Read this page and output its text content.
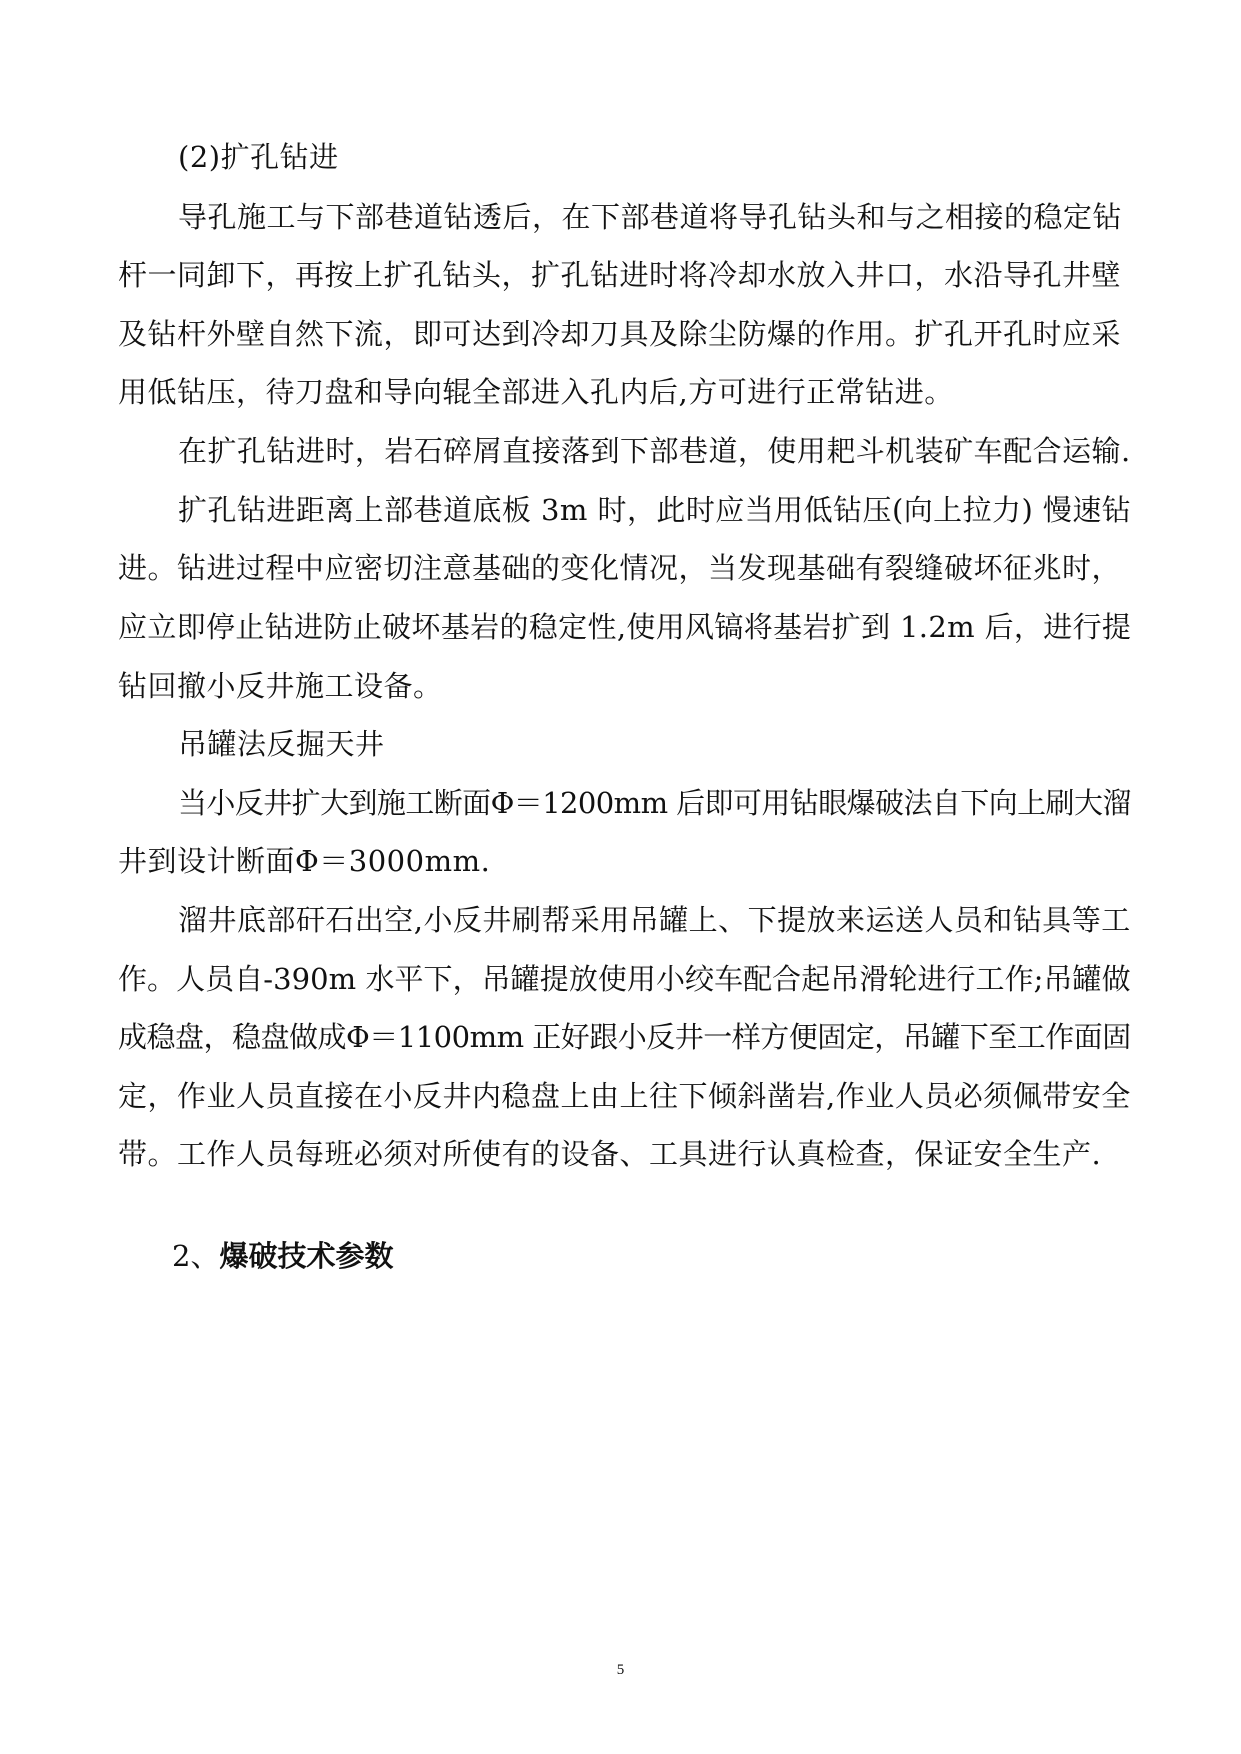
(2)扩孔钻进
导孔施工与下部巷道钻透后，在下部巷道将导孔钻头和与之相接的稳定钻
杆一同卸下，再按上扩孔钻头，扩孔钻进时将冷却水放入井口，水沿导孔井壁
及钻杆外壁自然下流，即可达到冷却刀具及除尘防爆的作用。扩孔开孔时应采
用低钻压，待刀盘和导向辊全部进入孔内后,方可进行正常钻进。
在扩孔钻进时，岩石碎屑直接落到下部巷道，使用耙斗机装矿车配合运输.
扩孔钻进距离上部巷道底板 3m 时，此时应当用低钻压(向上拉力) 慢速钻
进。钻进过程中应密切注意基础的变化情况，当发现基础有裂缝破坏征兆时，
应立即停止钻进防止破坏基岩的稳定性,使用风镐将基岩扩到 1.2m 后，进行提
钻回撤小反井施工设备。
吊罐法反掘天井
当小反井扩大到施工断面Φ＝1200mm 后即可用钻眼爆破法自下向上刷大溜
井到设计断面Φ＝3000mm.
溜井底部矸石出空,小反井刷帮采用吊罐上、下提放来运送人员和钻具等工
作。人员自-390m 水平下，吊罐提放使用小绞车配合起吊滑轮进行工作;吊罐做
成稳盘，稳盘做成Φ＝1100mm 正好跟小反井一样方便固定，吊罐下至工作面固
定，作业人员直接在小反井内稳盘上由上往下倾斜凿岩,作业人员必须佩带安全
带。工作人员每班必须对所使有的设备、工具进行认真检查，保证安全生产.
2、爆破技术参数
5
